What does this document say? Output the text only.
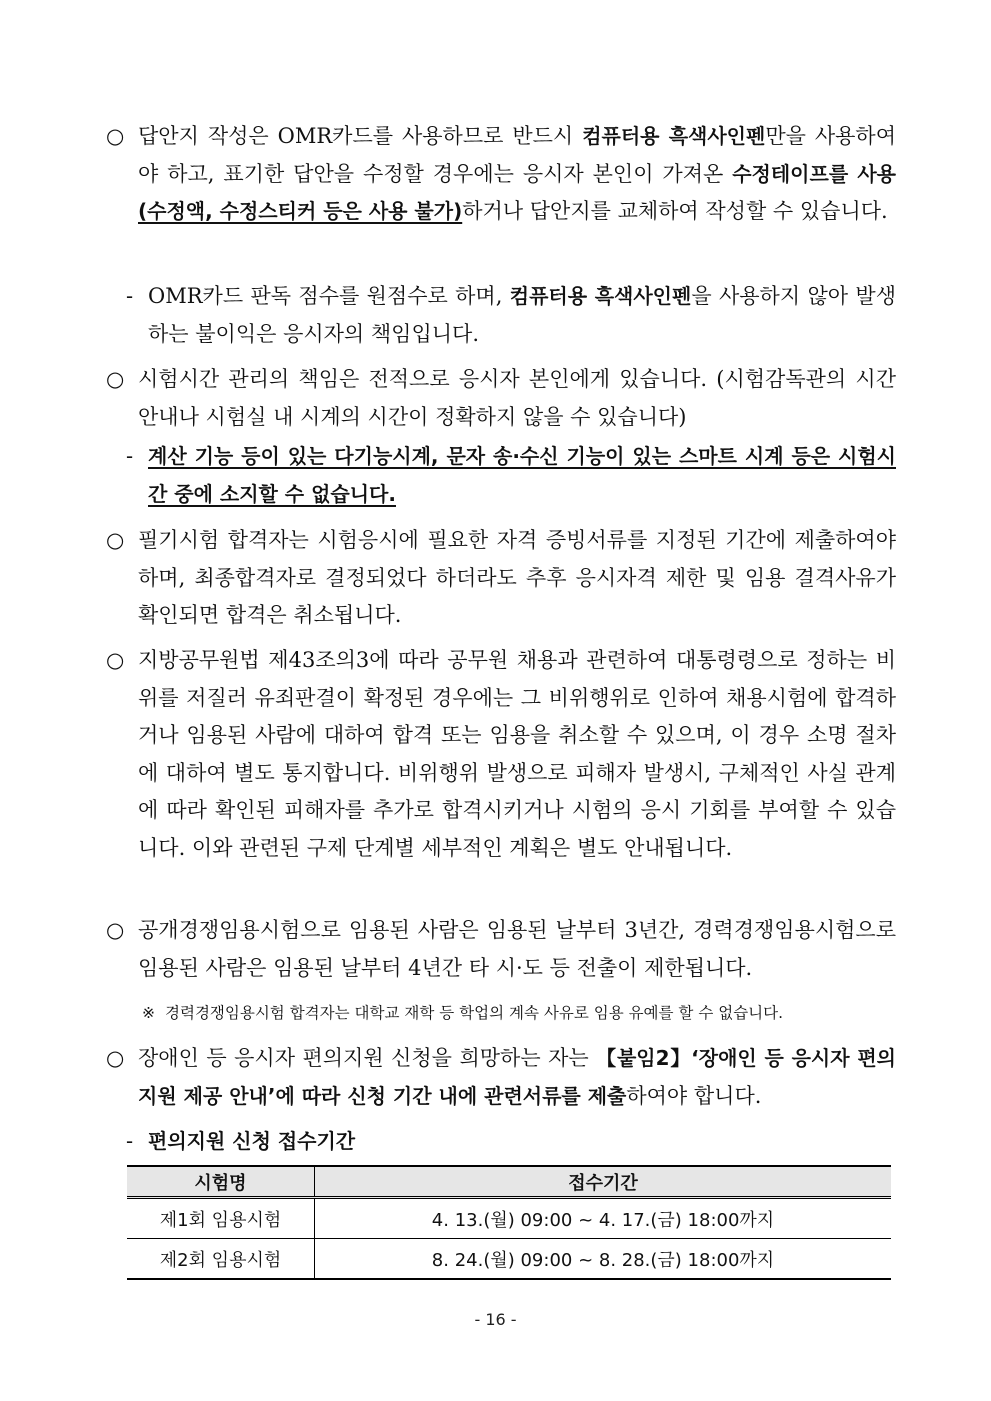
○ 답안지 작성은 OMR카드를 사용하므로 반드시 컴퓨터용 흑색사인펜만을 사용하여야 하고, 표기한 답안을 수정할 경우에는 응시자 본인이 가져온 수정테이프를 사용(수정액, 수정스티커 등은 사용 불가)하거나 답안지를 교체하여 작성할 수 있습니다.
- OMR카드 판독 점수를 원점수로 하며, 컴퓨터용 흑색사인펜을 사용하지 않아 발생하는 불이익은 응시자의 책임입니다.
○ 시험시간 관리의 책임은 전적으로 응시자 본인에게 있습니다. (시험감독관의 시간 안내나 시험실 내 시계의 시간이 정확하지 않을 수 있습니다)
- 계산 기능 등이 있는 다기능시계, 문자 송·수신 기능이 있는 스마트 시계 등은 시험시간 중에 소지할 수 없습니다.
○ 필기시험 합격자는 시험응시에 필요한 자격 증빙서류를 지정된 기간에 제출하여야 하며, 최종합격자로 결정되었다 하더라도 추후 응시자격 제한 및 임용 결격사유가 확인되면 합격은 취소됩니다.
○ 지방공무원법 제43조의3에 따라 공무원 채용과 관련하여 대통령령으로 정하는 비위를 저질러 유죄판결이 확정된 경우에는 그 비위행위로 인하여 채용시험에 합격하거나 임용된 사람에 대하여 합격 또는 임용을 취소할 수 있으며, 이 경우 소명 절차에 대하여 별도 통지합니다. 비위행위 발생으로 피해자 발생시, 구체적인 사실 관계에 따라 확인된 피해자를 추가로 합격시키거나 시험의 응시 기회를 부여할 수 있습니다. 이와 관련된 구제 단계별 세부적인 계획은 별도 안내됩니다.
○ 공개경쟁임용시험으로 임용된 사람은 임용된 날부터 3년간, 경력경쟁임용시험으로 임용된 사람은 임용된 날부터 4년간 타 시·도 등 전출이 제한됩니다.
※ 경력경쟁임용시험 합격자는 대학교 재학 등 학업의 계속 사유로 임용 유예를 할 수 없습니다.
○ 장애인 등 응시자 편의지원 신청을 희망하는 자는 【붙임2】‘장애인 등 응시자 편의지원 제공 안내’에 따라 신청 기간 내에 관련서류를 제출하여야 합니다.
- 편의지원 신청 접수기간
시험명	접수기간
제1회 임용시험	4. 13.(월) 09:00 ~ 4. 17.(금) 18:00까지
제2회 임용시험	8. 24.(월) 09:00 ~ 8. 28.(금) 18:00까지
- 16 -
